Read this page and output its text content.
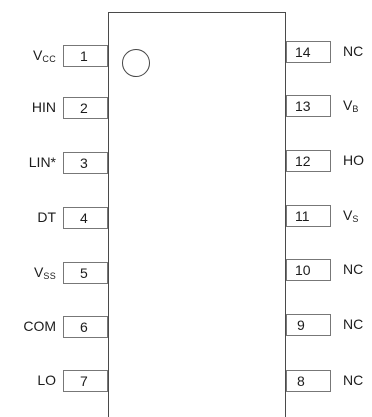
$V_{CC}$	1
HIN	2
LIN*	3
DT	4
$V_{SS}$	5
COM	6
LO	7
14	NC
13	$V_B$
12	HO
11	$V_S$
10	NC
9	NC
8	NC
